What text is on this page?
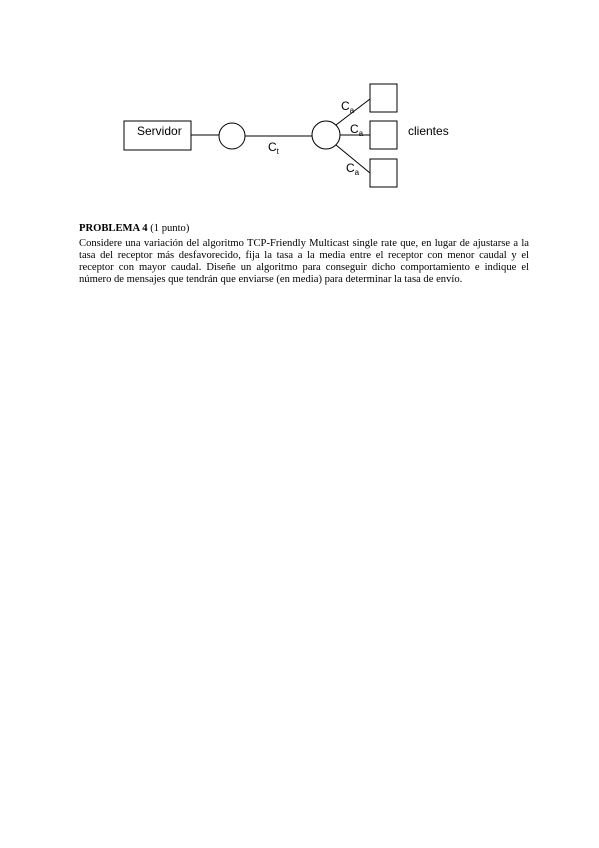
Servidor
$C_t$
$C_a$
$C_a$
$C_a$
clientes

PROBLEMA 4 (1 punto)

Considere una variación del algoritmo TCP-Friendly Multicast single rate que, en lugar de ajustarse a la tasa del receptor más desfavorecido, fija la tasa a la media entre el receptor con menor caudal y el receptor con mayor caudal. Diseñe un algoritmo para conseguir dicho comportamiento e indique el número de mensajes que tendrán que enviarse (en media) para determinar la tasa de envío.
